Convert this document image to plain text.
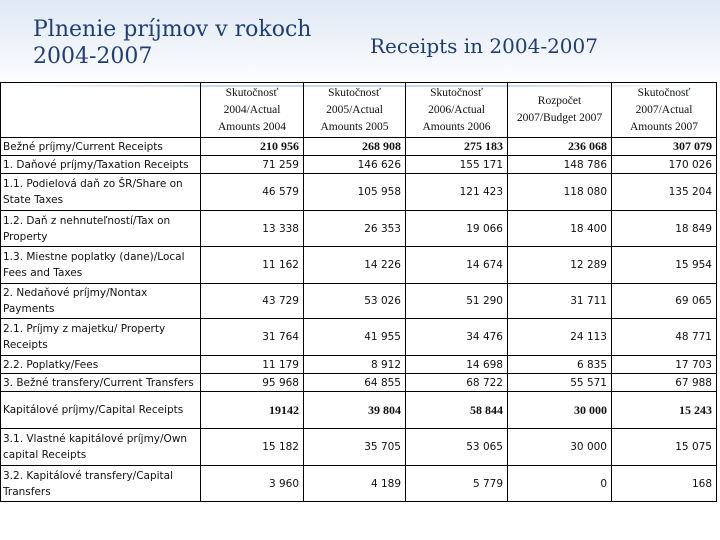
Plnenie príjmov v rokoch 2004-2007	Receipts in 2004-2007
	Skutočnosť 2004/Actual Amounts 2004	Skutočnosť 2005/Actual Amounts 2005	Skutočnosť 2006/Actual Amounts 2006	Rozpočet 2007/Budget 2007	Skutočnosť 2007/Actual Amounts 2007
Bežné príjmy/Current Receipts	210 956	268 908	275 183	236 068	307 079
1. Daňové príjmy/Taxation Receipts	71 259	146 626	155 171	148 786	170 026
1.1. Podielová daň zo ŠR/Share on State Taxes	46 579	105 958	121 423	118 080	135 204
1.2. Daň z nehnuteľností/Tax on Property	13 338	26 353	19 066	18 400	18 849
1.3. Miestne poplatky (dane)/Local Fees and Taxes	11 162	14 226	14 674	12 289	15 954
2. Nedaňové príjmy/Nontax Payments	43 729	53 026	51 290	31 711	69 065
2.1. Príjmy z majetku/ Property Receipts	31 764	41 955	34 476	24 113	48 771
2.2. Poplatky/Fees	11 179	8 912	14 698	6 835	17 703
3. Bežné transfery/Current Transfers	95 968	64 855	68 722	55 571	67 988
Kapitálové príjmy/Capital Receipts	19142	39 804	58 844	30 000	15 243
3.1. Vlastné kapitálové príjmy/Own capital Receipts	15 182	35 705	53 065	30 000	15 075
3.2. Kapitálové transfery/Capital Transfers	3 960	4 189	5 779	0	168
